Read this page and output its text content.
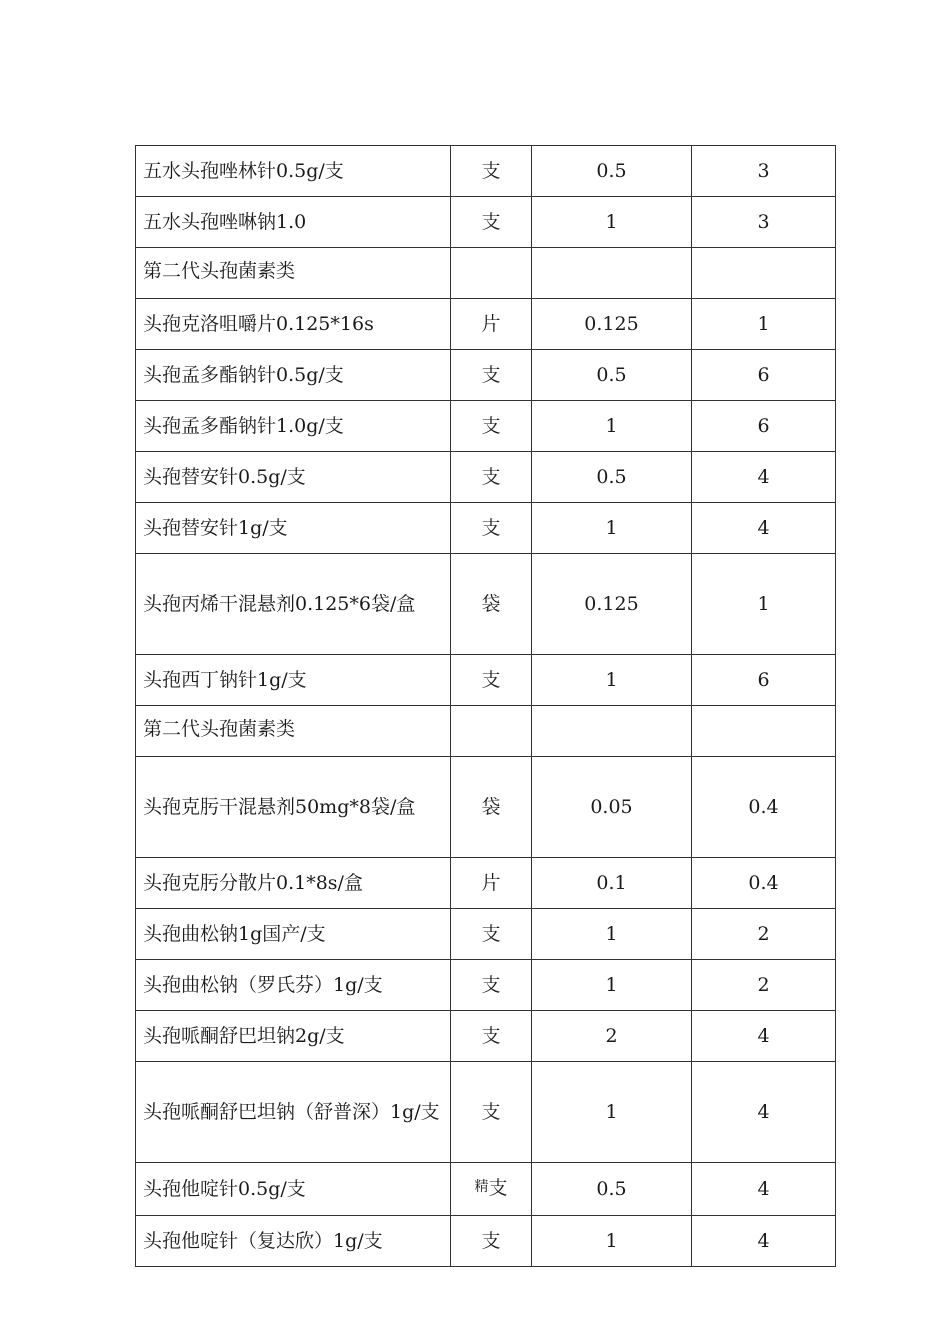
五水头孢唑林针0.5g/支	支	0.5	3
五水头孢唑啉钠1.0	支	1	3
第二代头孢菌素类			
头孢克洛咀嚼片0.125*16s	片	0.125	1
头孢孟多酯钠针0.5g/支	支	0.5	6
头孢孟多酯钠针1.0g/支	支	1	6
头孢替安针0.5g/支	支	0.5	4
头孢替安针1g/支	支	1	4
头孢丙烯干混悬剂0.125*6袋/盒	袋	0.125	1
头孢西丁钠针1g/支	支	1	6
第二代头孢菌素类			
头孢克肟干混悬剂50mg*8袋/盒	袋	0.05	0.4
头孢克肟分散片0.1*8s/盒	片	0.1	0.4
头孢曲松钠1g国产/支	支	1	2
头孢曲松钠（罗氏芬）1g/支	支	1	2
头孢哌酮舒巴坦钠2g/支	支	2	4
头孢哌酮舒巴坦钠（舒普深）1g/支	支	1	4
头孢他啶针0.5g/支	精支	0.5	4
头孢他啶针（复达欣）1g/支	支	1	4
